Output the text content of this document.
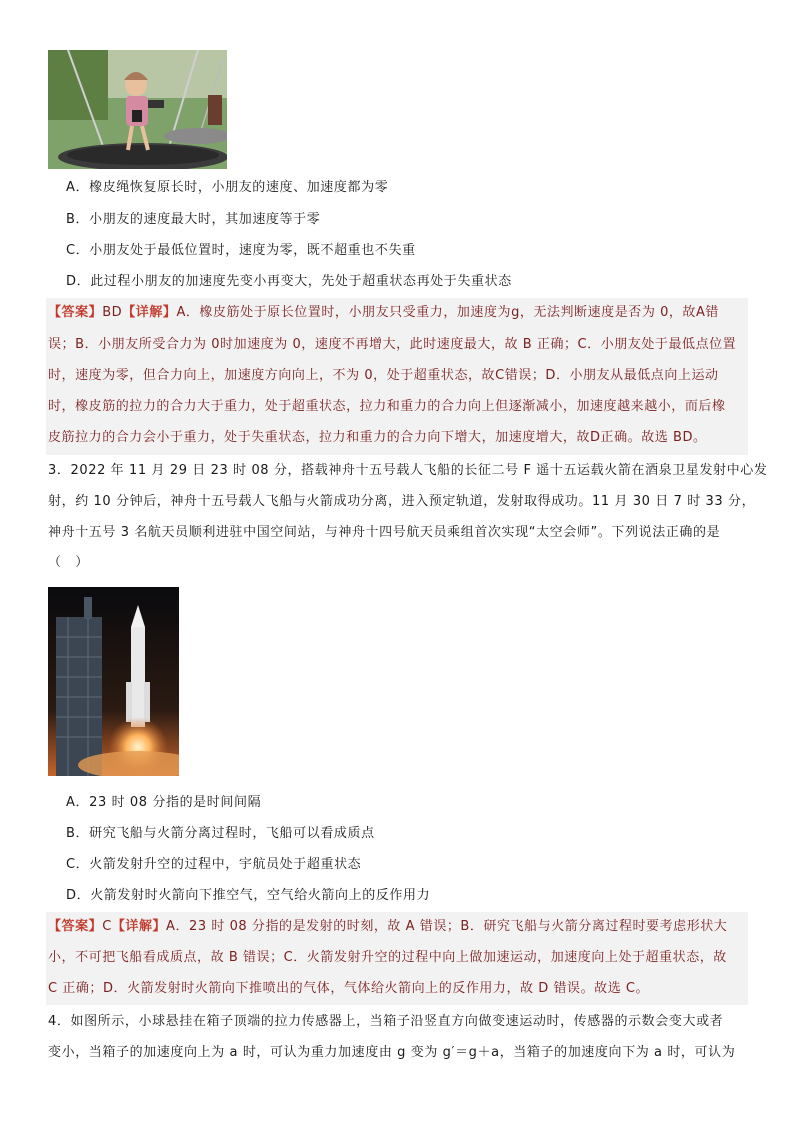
A．橡皮绳恢复原长时，小朋友的速度、加速度都为零
B．小朋友的速度最大时，其加速度等于零
C．小朋友处于最低位置时，速度为零，既不超重也不失重
D．此过程小朋友的加速度先变小再变大，先处于超重状态再处于失重状态
【答案】BD【详解】A．橡皮筋处于原长位置时，小朋友只受重力，加速度为g，无法判断速度是否为 0，故A错
误；B．小朋友所受合力为 0时加速度为 0，速度不再增大，此时速度最大，故 B 正确；C．小朋友处于最低点位置
时，速度为零，但合力向上，加速度方向向上，不为 0，处于超重状态，故C错误；D．小朋友从最低点向上运动
时，橡皮筋的拉力的合力大于重力，处于超重状态，拉力和重力的合力向上但逐渐减小，加速度越来越小，而后橡
皮筋拉力的合力会小于重力，处于失重状态，拉力和重力的合力向下增大，加速度增大，故D正确。故选 BD。
3．2022 年 11 月 29 日 23 时 08 分，搭载神舟十五号载人飞船的长征二号 F 遥十五运载火箭在酒泉卫星发射中心发
射，约 10 分钟后，神舟十五号载人飞船与火箭成功分离，进入预定轨道，发射取得成功。11 月 30 日 7 时 33 分，
神舟十五号 3 名航天员顺利进驻中国空间站，与神舟十四号航天员乘组首次实现“太空会师”。下列说法正确的是
（　）
A．23 时 08 分指的是时间间隔
B．研究飞船与火箭分离过程时，飞船可以看成质点
C．火箭发射升空的过程中，宇航员处于超重状态
D．火箭发射时火箭向下推空气，空气给火箭向上的反作用力
【答案】C【详解】A．23 时 08 分指的是发射的时刻，故 A 错误；B．研究飞船与火箭分离过程时要考虑形状大
小，不可把飞船看成质点，故 B 错误；C．火箭发射升空的过程中向上做加速运动，加速度向上处于超重状态，故
C 正确；D．火箭发射时火箭向下推喷出的气体，气体给火箭向上的反作用力，故 D 错误。故选 C。
4．如图所示，小球悬挂在箱子顶端的拉力传感器上，当箱子沿竖直方向做变速运动时，传感器的示数会变大或者
变小，当箱子的加速度向上为 a 时，可认为重力加速度由 g 变为 g′＝g＋a，当箱子的加速度向下为 a 时，可认为
